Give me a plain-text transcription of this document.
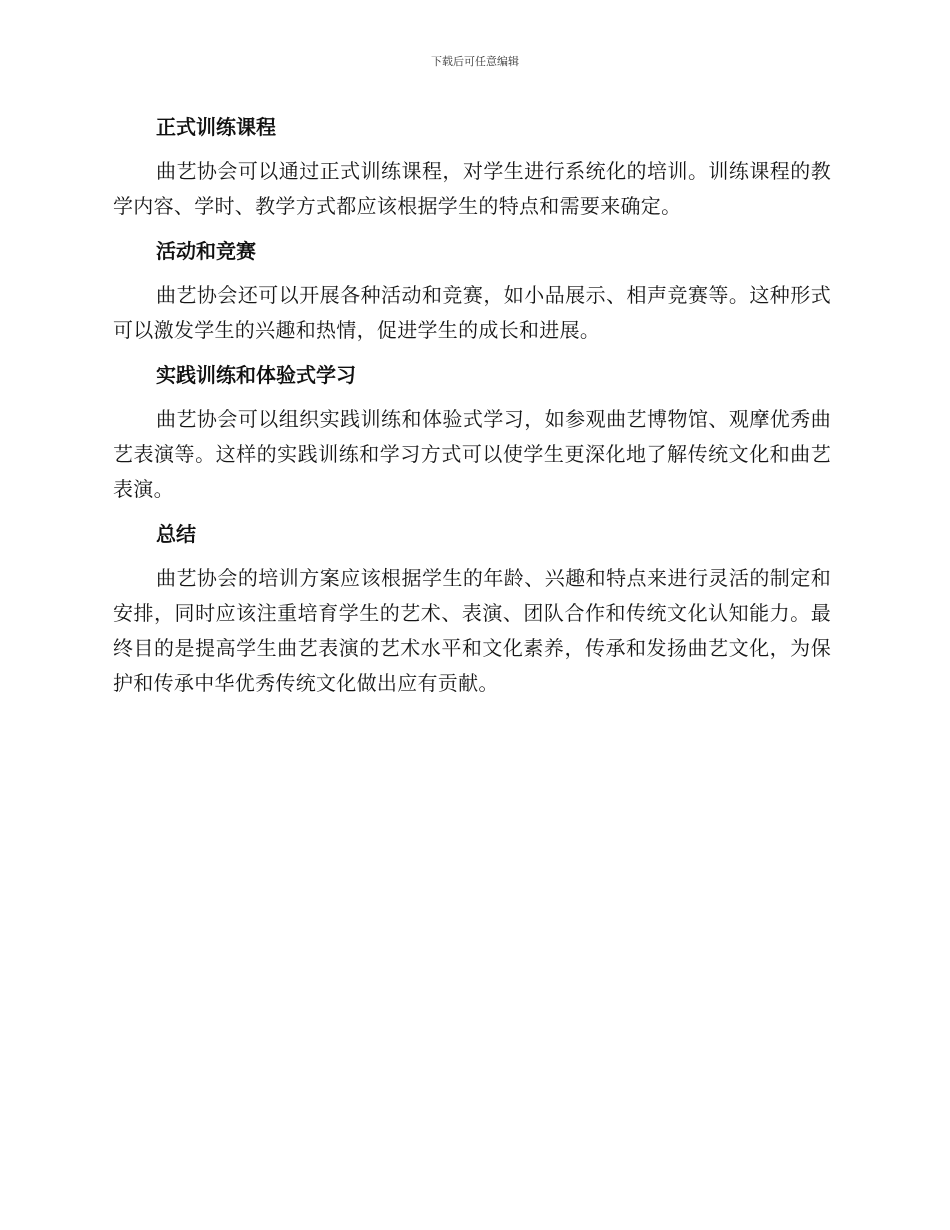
下载后可任意编辑
正式训练课程

曲艺协会可以通过正式训练课程，对学生进行系统化的培训。训练课程的教学内容、学时、教学方式都应该根据学生的特点和需要来确定。

活动和竞赛

曲艺协会还可以开展各种活动和竞赛，如小品展示、相声竞赛等。这种形式可以激发学生的兴趣和热情，促进学生的成长和进展。

实践训练和体验式学习

曲艺协会可以组织实践训练和体验式学习，如参观曲艺博物馆、观摩优秀曲艺表演等。这样的实践训练和学习方式可以使学生更深化地了解传统文化和曲艺表演。

总结

曲艺协会的培训方案应该根据学生的年龄、兴趣和特点来进行灵活的制定和安排，同时应该注重培育学生的艺术、表演、团队合作和传统文化认知能力。最终目的是提高学生曲艺表演的艺术水平和文化素养，传承和发扬曲艺文化，为保护和传承中华优秀传统文化做出应有贡献。
